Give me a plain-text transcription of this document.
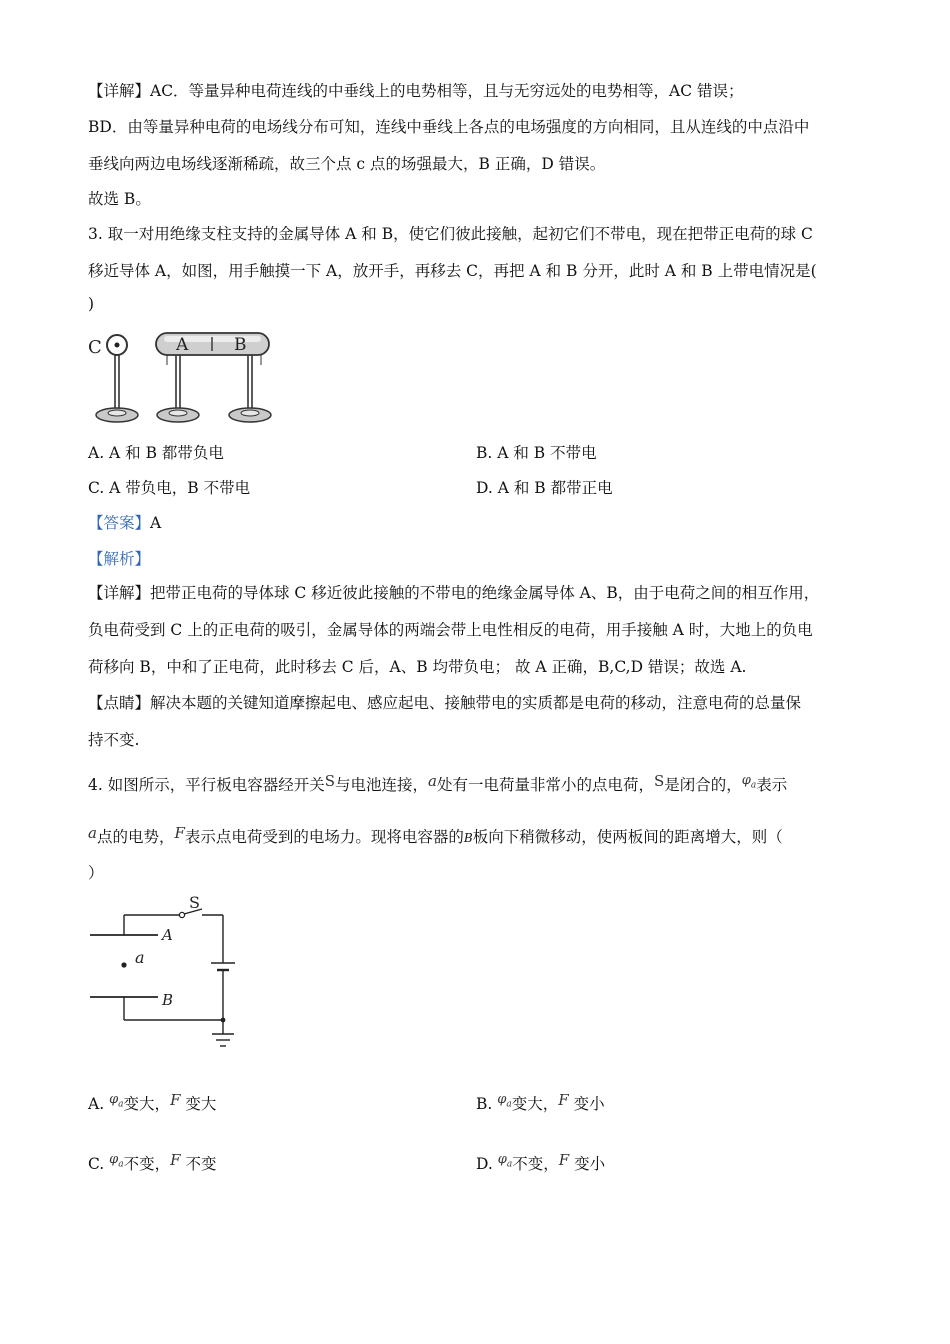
【详解】AC．等量异种电荷连线的中垂线上的电势相等，且与无穷远处的电势相等，AC 错误；
BD．由等量异种电荷的电场线分布可知，连线中垂线上各点的电场强度的方向相同，且从连线的中点沿中
垂线向两边电场线逐渐稀疏，故三个点 c 点的场强最大，B 正确，D 错误。
故选 B。
3. 取一对用绝缘支柱支持的金属导体 A 和 B，使它们彼此接触，起初它们不带电，现在把带正电荷的球 C
移近导体 A，如图，用手触摸一下 A，放开手，再移去 C，再把 A 和 B 分开，此时 A 和 B 上带电情况是(
)
C	A	B
A. A 和 B 都带负电	B. A 和 B 不带电
C. A 带负电，B 不带电	D. A 和 B 都带正电
【答案】A
【解析】
【详解】把带正电荷的导体球 C 移近彼此接触的不带电的绝缘金属导体 A、B，由于电荷之间的相互作用，
负电荷受到 C 上的正电荷的吸引，金属导体的两端会带上电性相反的电荷，用手接触 A 时，大地上的负电
荷移向 B，中和了正电荷，此时移去 C 后，A、B 均带负电； 故 A 正确，B,C,D 错误；故选 A.
【点睛】解决本题的关键知道摩擦起电、感应起电、接触带电的实质都是电荷的移动，注意电荷的总量保
持不变.
4. 如图所示，平行板电容器经开关S与电池连接，a处有一电荷量非常小的点电荷，S是闭合的，$^{\varphi_a}$表示
a点的电势，F表示点电荷受到的电场力。现将电容器的B板向下稍微移动，使两板间的距离增大，则（
）
S
A
a
B
A. $^{\varphi_a}$变大，F 变大	B. $^{\varphi_a}$变大，F 变小
C. $^{\varphi_a}$不变，F 不变	D. $^{\varphi_a}$不变，F 变小
